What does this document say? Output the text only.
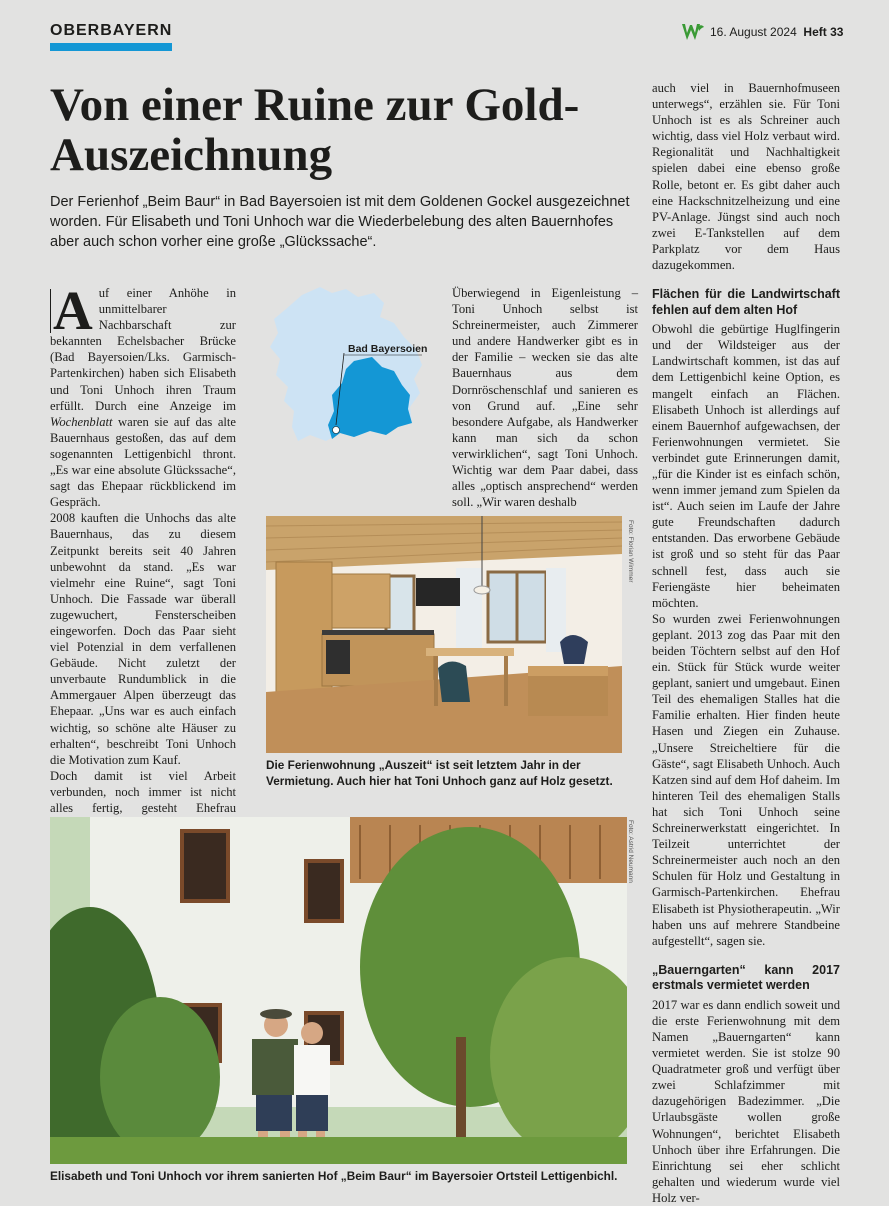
OBERBAYERN	16. August 2024 Heft 33
Von einer Ruine zur Gold-Auszeichnung

Der Ferienhof „Beim Baur“ in Bad Bayersoien ist mit dem Goldenen Gockel ausgezeichnet worden. Für Elisabeth und Toni Unhoch war die Wiederbelebung des alten Bauernhofes aber auch schon vorher eine große „Glückssache“.

A uf einer Anhöhe in unmittelbarer Nachbarschaft zur bekannten Echelsbacher Brücke (Bad Bayersoien/Lks. Garmisch-Partenkirchen) haben sich Elisabeth und Toni Unhoch ihren Traum erfüllt. Durch eine Anzeige im Wochenblatt waren sie auf das alte Bauernhaus gestoßen, das auf dem sogenannten Lettigenbichl thront. „Es war eine absolute Glückssache“, sagt das Ehepaar rückblickend im Gespräch.

2008 kauften die Unhochs das alte Bauernhaus, das zu diesem Zeitpunkt bereits seit 40 Jahren unbewohnt da stand. „Es war vielmehr eine Ruine“, sagt Toni Unhoch. Die Fassade war überall zugewuchert, Fensterscheiben eingeworfen. Doch das Paar sieht viel Potenzial in dem verfallenen Gebäude. Nicht zuletzt der unverbaute Rundumblick in die Ammergauer Alpen überzeugt das Ehepaar. „Uns war es auch einfach wichtig, so schöne alte Häuser zu erhalten“, beschreibt Toni Unhoch die Motivation zum Kauf.

Doch damit ist viel Arbeit verbunden, noch immer ist nicht alles fertig, gesteht Ehefrau

Bad Bayersoien

Überwiegend in Eigenleistung – Toni Unhoch selbst ist Schreinermeister, auch Zimmerer und andere Handwerker gibt es in der Familie – wecken sie das alte Bauernhaus aus dem Dornröschenschlaf und sanieren es von Grund auf. „Eine sehr besondere Aufgabe, als Handwerker kann man sich da schon verwirklichen“, sagt Toni Unhoch. Wichtig war dem Paar dabei, dass alles „optisch ansprechend“ werden soll. „Wir waren deshalb

auch viel in Bauernhofmuseen unterwegs“, erzählen sie. Für Toni Unhoch ist es als Schreiner auch wichtig, dass viel Holz verbaut wird. Regionalität und Nachhaltigkeit spielen dabei eine ebenso große Rolle, betont er. Es gibt daher auch eine Hackschnitzelheizung und eine PV-Anlage. Jüngst sind auch noch zwei E-Tankstellen auf dem Parkplatz vor dem Haus dazugekommen.

Flächen für die Landwirtschaft fehlen auf dem alten Hof

Obwohl die gebürtige Huglfingerin und der Wildsteiger aus der Landwirtschaft kommen, ist das auf dem Lettigenbichl keine Option, es mangelt einfach an Flächen. Elisabeth Unhoch ist allerdings auf einem Bauernhof aufgewachsen, der Ferienwohnungen vermietet. Sie verbindet gute Erinnerungen damit, „für die Kinder ist es einfach schön, wenn immer jemand zum Spielen da ist“. Auch seien im Laufe der Jahre gute Freundschaften dadurch entstanden. Das erworbene Gebäude ist groß und so steht für das Paar schnell fest, dass auch sie Feriengäste hier beheimaten möchten.

So wurden zwei Ferienwohnungen geplant. 2013 zog das Paar mit den beiden Töchtern selbst auf den Hof ein. Stück für Stück wurde weiter geplant, saniert und umgebaut. Einen Teil des ehemaligen Stalles hat die Familie erhalten. Hier finden heute Hasen und Ziegen ein Zuhause. „Unsere Streicheltiere für die Gäste“, sagt Elisabeth Unhoch. Auch Katzen sind auf dem Hof daheim. Im hinteren Teil des ehemaligen Stalls hat sich Toni Unhoch seine Schreinerwerkstatt eingerichtet. In Teilzeit unterrichtet der Schreinermeister auch noch an den Schulen für Holz und Gestaltung in Garmisch-Partenkirchen. Ehefrau Elisabeth ist Physiotherapeutin. „Wir haben uns auf mehrere Standbeine aufgestellt“, sagen sie.

„Bauerngarten“ kann 2017 erstmals vermietet werden

2017 war es dann endlich soweit und die erste Ferienwohnung mit dem Namen „Bauerngarten“ kann vermietet werden. Sie ist stolze 90 Quadratmeter groß und verfügt über zwei Schlafzimmer mit dazugehörigen Badezimmer. „Die Urlaubsgäste wollen große Wohnungen“, berichtet Elisabeth Unhoch über ihre Erfahrungen. Die Einrichtung sei eher schlicht gehalten und wiederum wurde viel Holz ver-

Foto: Florian Wimmer
Die Ferienwohnung „Auszeit“ ist seit letztem Jahr in der Vermietung. Auch hier hat Toni Unhoch ganz auf Holz gesetzt.
Foto: Astrid Neumann
Elisabeth und Toni Unhoch vor ihrem sanierten Hof „Beim Baur“ im Bayersoier Ortsteil Lettigenbichl.
